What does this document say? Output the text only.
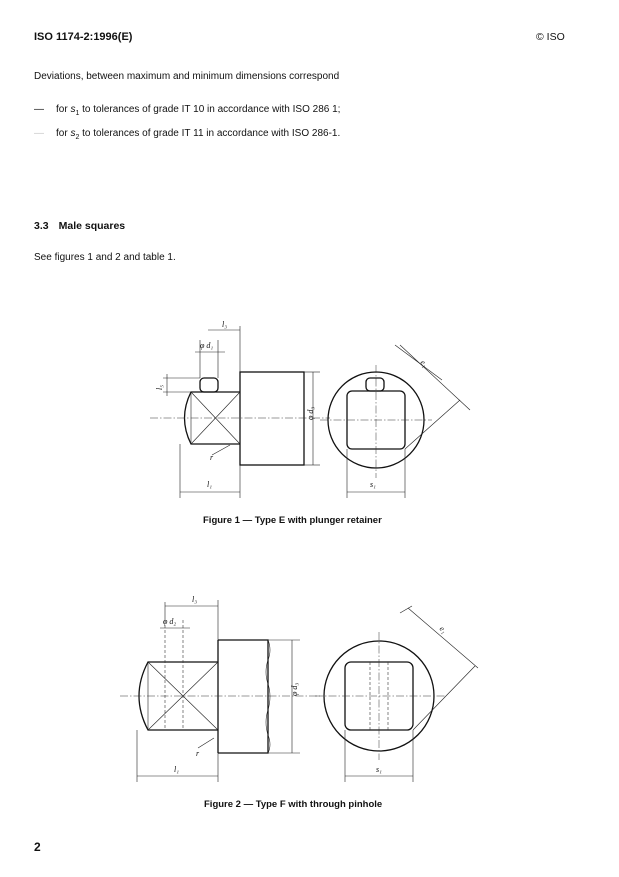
ISO 1174-2:1996(E)	© ISO
Deviations, between maximum and minimum dimensions correspond
— for $s_1$ to tolerances of grade IT 10 in accordance with ISO 286 1;
— for $s_2$ to tolerances of grade IT 11 in accordance with ISO 286-1.
3.3 Male squares
See figures 1 and 2 and table 1.
l₃
φ d₁
l₅
φ d₃
r
l₁
e₁
s₁
Figure 1 — Type E with plunger retainer
l₃
φ d₂
φ d₃
r
l₁
e₁
s₁
Figure 2 — Type F with through pinhole
2
